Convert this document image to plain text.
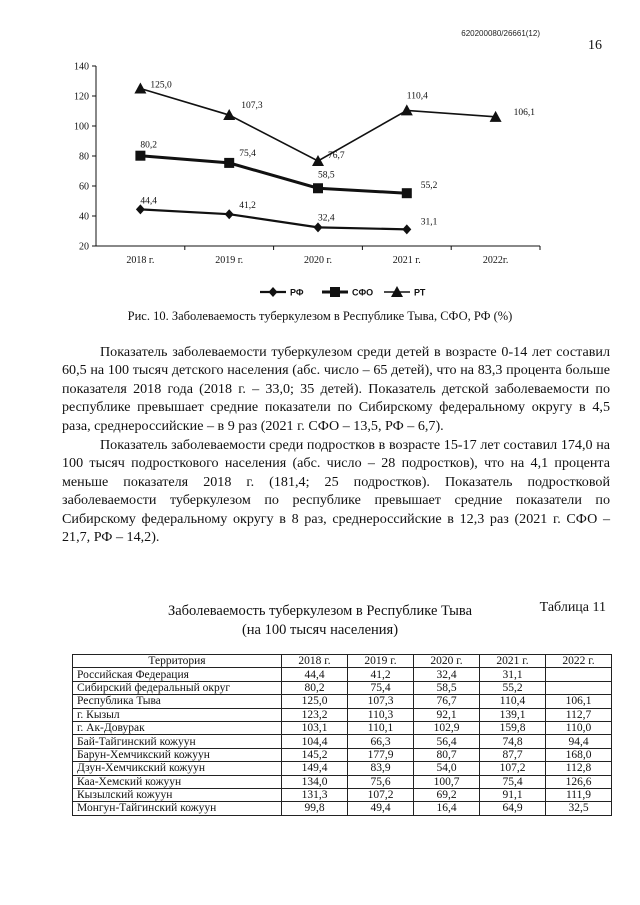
620200080/26661(12)
16
20
40
60
80
100
120
140
2018 г.	2019 г.	2020 г.	2021 г.	2022г.
44,4	41,2
32,4	31,1
80,2
75,4
58,5
55,2
125,0
107,3
76,7
110,4
106,1
РФ	СФО	РТ
Рис. 10. Заболеваемость туберкулезом в Республике Тыва, СФО, РФ (%)

Показатель заболеваемости туберкулезом среди детей в возрасте 0-14 лет составил 60,5 на 100 тысяч детского населения (абс. число – 65 детей), что на 83,3 процента больше показателя 2018 года (2018 г. – 33,0; 35 детей). Показатель детской заболеваемости по республике превышает средние показатели по Сибирскому федеральному округу в 4,5 раза, среднероссийские – в 9 раз (2021 г. СФО – 13,5, РФ – 6,7).

Показатель заболеваемости среди подростков в возрасте 15-17 лет составил 174,0 на 100 тысяч подросткового населения (абс. число – 28 подростков), что на 4,1 процента меньше показателя 2018 г. (181,4; 25 подростков). Показатель подростковой заболеваемости туберкулезом по республике превышает средние показатели по Сибирскому федеральному округу в 8 раз, среднероссийские в 12,3 раз (2021 г. СФО – 21,7, РФ – 14,2).

Таблица 11
Заболеваемость туберкулезом в Республике Тыва
(на 100 тысяч населения)
Территория	2018 г.	2019 г.	2020 г.	2021 г.	2022 г.
Российская Федерация	44,4	41,2	32,4	31,1	
Сибирский федеральный округ	80,2	75,4	58,5	55,2	
Республика Тыва	125,0	107,3	76,7	110,4	106,1
г. Кызыл	123,2	110,3	92,1	139,1	112,7
г. Ак-Довурак	103,1	110,1	102,9	159,8	110,0
Бай-Тайгинский кожуун	104,4	66,3	56,4	74,8	94,4
Барун-Хемчикский кожуун	145,2	177,9	80,7	87,7	168,0
Дзун-Хемчикский кожуун	149,4	83,9	54,0	107,2	112,8
Каа-Хемский кожуун	134,0	75,6	100,7	75,4	126,6
Кызылский кожуун	131,3	107,2	69,2	91,1	111,9
Монгун-Тайгинский кожуун	99,8	49,4	16,4	64,9	32,5
